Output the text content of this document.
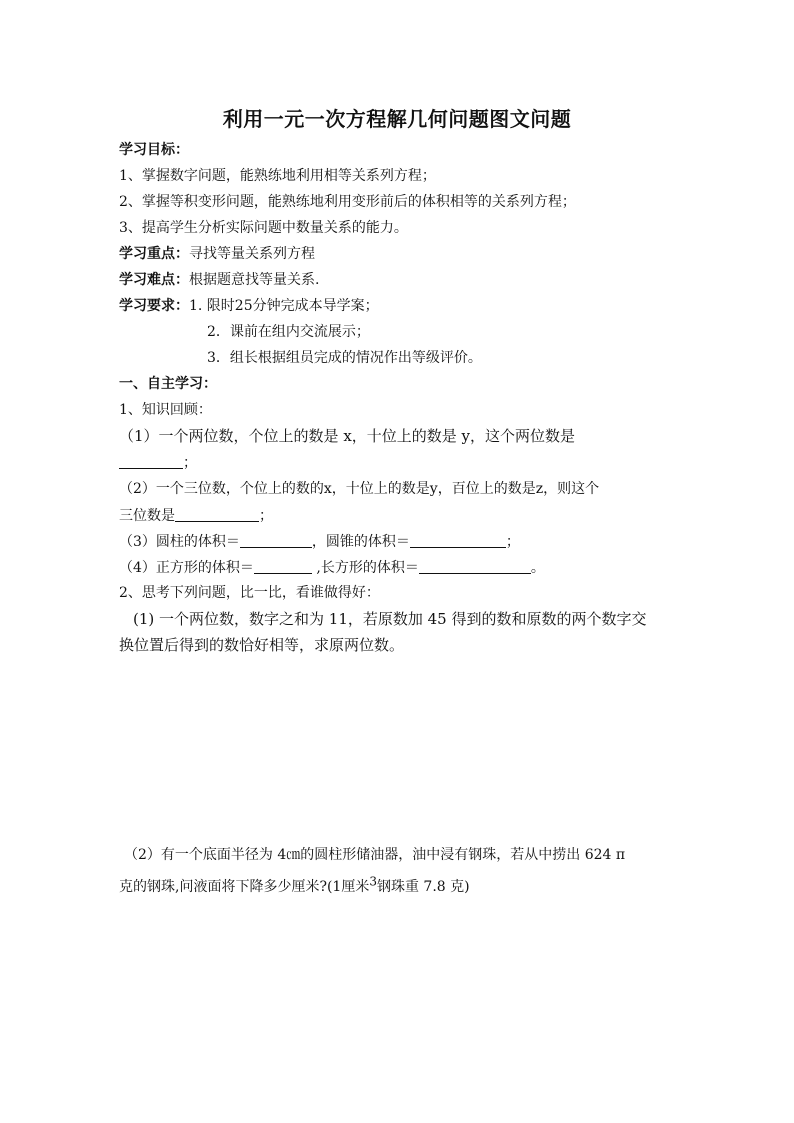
利用一元一次方程解几何问题图文问题
学习目标：
1、掌握数字问题，能熟练地利用相等关系列方程；
2、掌握等积变形问题，能熟练地利用变形前后的体积相等的关系列方程；
3、提高学生分析实际问题中数量关系的能力。
学习重点：寻找等量关系列方程
学习难点：根据题意找等量关系.
学习要求：1. 限时25分钟完成本导学案；
2．课前在组内交流展示；
3．组长根据组员完成的情况作出等级评价。
一、自主学习：
1、知识回顾：
（1）一个两位数，个位上的数是 x，十位上的数是 y，这个两位数是
；
（2）一个三位数，个位上的数的x，十位上的数是y，百位上的数是z，则这个
三位数是	；
（3）圆柱的体积＝	，圆锥的体积＝	；
（4）正方形的体积＝	,长方形的体积＝	。
2、思考下列问题，比一比，看谁做得好：
(1) 一个两位数，数字之和为 11，若原数加 45 得到的数和原数的两个数字交
换位置后得到的数恰好相等，求原两位数。
（2）有一个底面半径为 4㎝的圆柱形储油器，油中浸有钢珠，若从中捞出 624 π
克的钢珠,问液面将下降多少厘米?(1厘米$^3$钢珠重 7.8 克)
